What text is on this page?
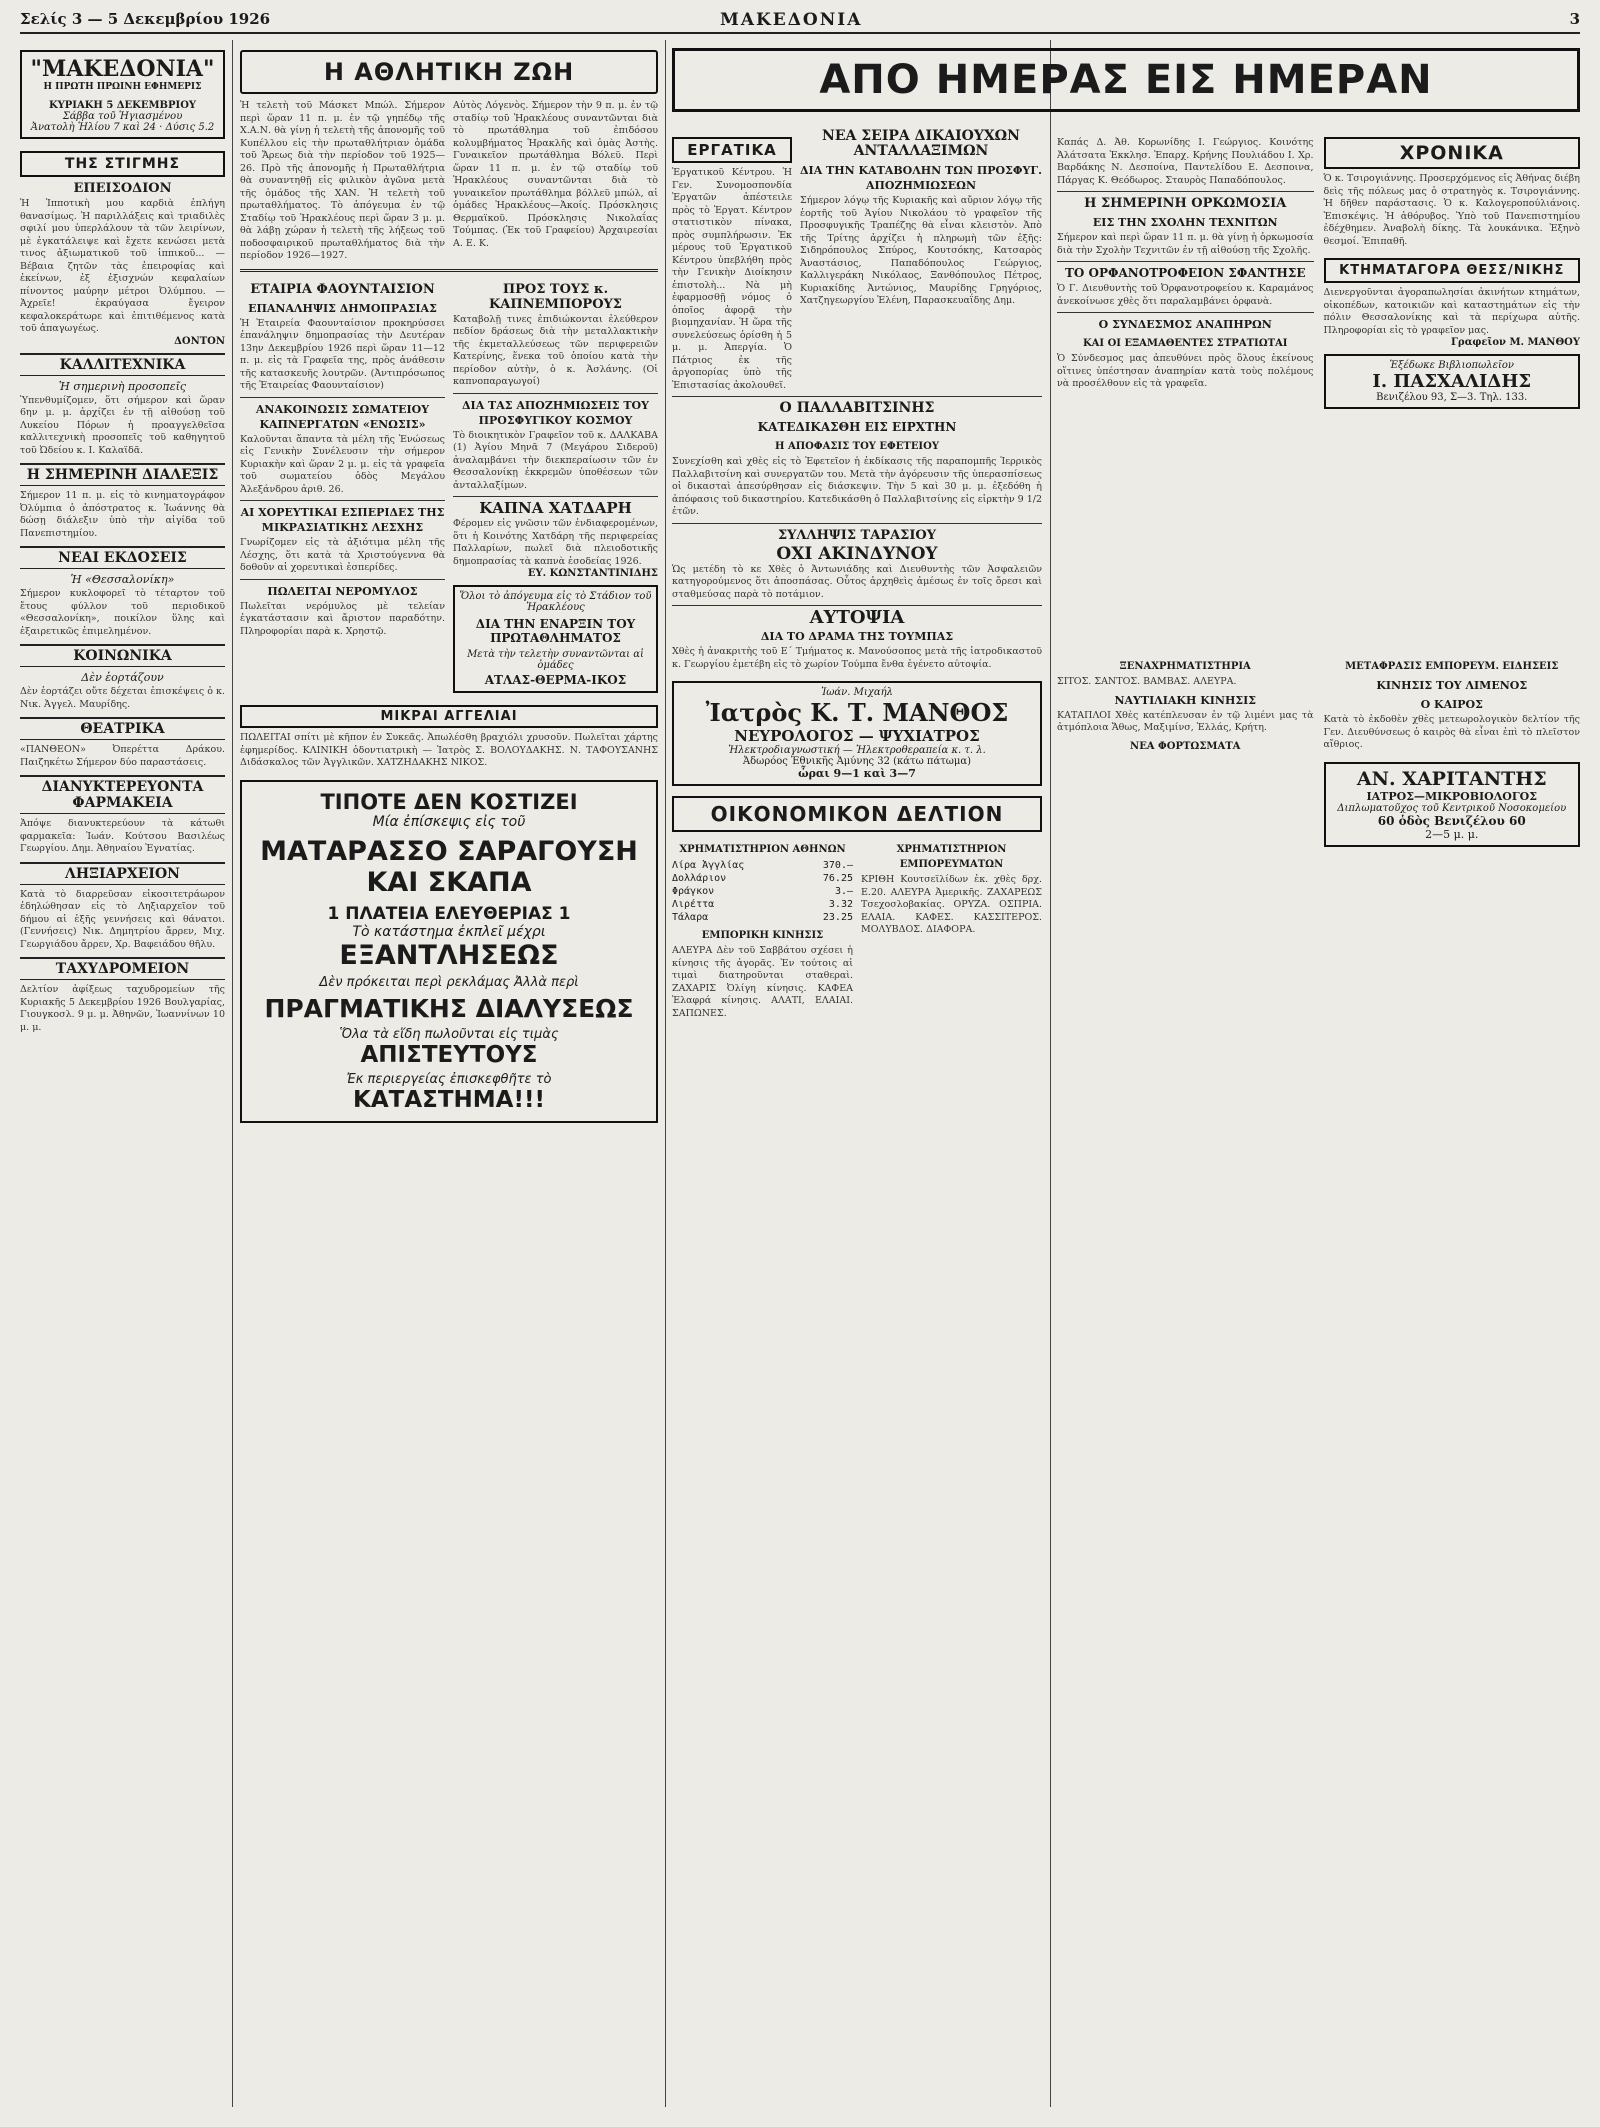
Σελίς 3 — 5 Δεκεμβρίου 1926	ΜΑΚΕΔΟΝΙΑ	3
"ΜΑΚΕΔΟΝΙΑ"
Η ΠΡΩΤΗ ΠΡΩΙΝΗ ΕΦΗΜΕΡΙΣ
ΚΥΡΙΑΚΗ 5 ΔΕΚΕΜΒΡΙΟΥ
Σάββα τοῦ Ἡγιασμένου
Ἀνατολὴ Ἡλίου 7 καὶ 24 · Δύσις 5.2
ΤΗΣ ΣΤΙΓΜΗΣ
ΕΠΕΙΣΟΔΙΟΝ
Ἡ Ἰπποτικὴ μου καρδιὰ ἐπλήγη θανασίμως. Ἡ παριλλάξεις καὶ τριαδιλὲς σφιλί μου ὑπερλάλουν τὰ τῶν λειρίνων, μὲ ἐγκατάλειψε καὶ ἔχετε κενώσει μετὰ τινος ἀξιωματικοῦ τοῦ ἱππικοῦ... — Βέβαια ζητῶν τὰς ἐπειροφίας καὶ ἐκείνων, ἐξ ἐξισχνών κεφαλαίων πίνοντος μαύρην μέτροι Ὀλύμπου. — Ἀχρεῖε! ἐκραύγασα ἔγειρον κεφαλοκεράτωρε καὶ ἐπιτιθέμενος κατὰ τοῦ ἀπαγωγέως.
ΔΟΝΤΟΝ
ΚΑΛΛΙΤΕΧΝΙΚΑ
Ἡ σημερινὴ προσοπεῖς
Ὑπενθυμίζομεν, ὅτι σήμερον καὶ ὥραν 6ην μ. μ. ἀρχίζει ἐν τῇ αἰθούσῃ τοῦ Λυκείου Πόρων ἡ προαγγελθεῖσα καλλιτεχνικὴ προσοπεῖς τοῦ καθηγητοῦ τοῦ Ὠδείου κ. Ι. Καλαϊδᾶ.
Η ΣΗΜΕΡΙΝΗ ΔΙΑΛΕΞΙΣ
Σήμερον 11 π. μ. εἰς τὸ κινηματογράφον Ὀλύμπια ὁ ἀπόστρατος κ. Ἰωάννης θὰ δώσῃ διάλεξιν ὑπὸ τὴν αἰγίδα τοῦ Πανεπιστημίου.
ΝΕΑΙ ΕΚΔΟΣΕΙΣ
Ἡ «Θεσσαλονίκη»
Σήμερον κυκλοφορεῖ τὸ τέταρτον τοῦ ἔτους φύλλον τοῦ περιοδικοῦ «Θεσσαλονίκη», ποικίλον ὕλης καὶ ἐξαιρετικῶς ἐπιμελημένον.
ΚΟΙΝΩΝΙΚΑ
Δὲν ἑορτάζουν
Δὲν ἑορτάζει οὔτε δέχεται ἐπισκέψεις ὁ κ. Νικ. Ἀγγελ. Μαυρίδης.
ΘΕΑΤΡΙΚΑ
«ΠΑΝΘΕΟΝ» Ὀπερέττα Δράκου. Παιζηκέτω Σήμερον δύο παραστάσεις.
ΔΙΑΝΥΚΤΕΡΕΥΟΝΤΑ ΦΑΡΜΑΚΕΙΑ
Ἀπόψε διανυκτερεύουν τὰ κάτωθι φαρμακεῖα: Ἰωάν. Κούτσου Βασιλέως Γεωργίου. Δημ. Ἀθηναίου Ἐγνατίας.
ΛΗΞΙΑΡΧΕΙΟΝ
Κατὰ τὸ διαρρεῦσαν εἰκοσιτετράωρον ἐδηλώθησαν εἰς τὸ Ληξιαρχεῖον τοῦ δήμου αἱ ἑξῆς γεννήσεις καὶ θάνατοι. (Γεννήσεις) Νικ. Δημητρίου ἄρρεν, Μιχ. Γεωργιάδου ἄρρεν, Χρ. Βαφειάδου θῆλυ.
ΤΑΧΥΔΡΟΜΕΙΟΝ
Δελτίον ἀφίξεως ταχυδρομείων τῆς Κυριακῆς 5 Δεκεμβρίου 1926 Βουλγαρίας, Γιουγκοσλ. 9 μ. μ. Ἀθηνῶν, Ἰωαννίνων 10 μ. μ.
Η ΑΘΛΗΤΙΚΗ ΖΩΗ
Ἡ τελετὴ τοῦ Μάσκετ Μπώλ. Σήμερον περὶ ὥραν 11 π. μ. ἐν τῷ γηπέδῳ τῆς Χ.Α.Ν. θὰ γίνῃ ἡ τελετὴ τῆς ἀπονομῆς τοῦ Κυπέλλου εἰς τὴν πρωταθλήτριαν ὁμάδα τοῦ Ἄρεως διὰ τὴν περίοδον τοῦ 1925—26. Πρὸ τῆς ἀπονομῆς ἡ Πρωταθλήτρια θὰ συναντηθῇ εἰς φιλικὸν ἀγῶνα μετὰ τῆς ὁμάδος τῆς ΧΑΝ. Ἡ τελετὴ τοῦ πρωταθλήματος. Τὸ ἀπόγευμα ἐν τῷ Σταδίῳ τοῦ Ἡρακλέους περὶ ὥραν 3 μ. μ. θὰ λάβῃ χώραν ἡ τελετὴ τῆς λήξεως τοῦ ποδοσφαιρικοῦ πρωταθλήματος διὰ τὴν περίοδον 1926—1927.
Αὐτὸς Λόγενὸς. Σήμερον τὴν 9 π. μ. ἐν τῷ σταδίῳ τοῦ Ἡρακλέους συναντῶνται διὰ τὸ πρωτάθλημα τοῦ ἐπιδόσου κολυμβήματος Ἡρακλῆς καὶ ὁμὰς Ἀστὴς. Γυναικεῖον πρωτάθλημα Βόλεϋ. Περὶ ὥραν 11 π. μ. ἐν τῷ σταδίῳ τοῦ Ἡρακλέους συναντῶνται διὰ τὸ γυναικεῖον πρωτάθλημα βόλλεϋ μπώλ, αἱ ὁμάδες Ἡρακλέους—Ἀκοίς. Πρόσκλησις Θερμαϊκοῦ. Πρόσκλησις Νικολαΐας Τούμπας. (Ἐκ τοῦ Γραφείου) Ἀρχαιρεσίαι Α. Ε. Κ.
ΕΤΑΙΡΙΑ ΦΑΟΥΝΤΑΙΣΙΟΝ
ΕΠΑΝΑΛΗΨΙΣ ΔΗΜΟΠΡΑΣΙΑΣ
Ἡ Ἑταιρεία Φαουνταίσιον προκηρύσσει ἐπανάληψιν δημοπρασίας τὴν Δευτέραν 13ην Δεκεμβρίου 1926 περὶ ὥραν 11—12 π. μ. εἰς τὰ Γραφεῖα της, πρὸς ἀνάθεσιν τῆς κατασκευῆς λουτρῶν. (Ἀντιπρόσωπος τῆς Ἑταιρείας Φαουνταίσιον)
ΑΝΑΚΟΙΝΩΣΙΣ ΣΩΜΑΤΕΙΟΥ ΚΑΠΝΕΡΓΑΤΩΝ «ΕΝΩΣΙΣ»
Καλοῦνται ἅπαντα τὰ μέλη τῆς Ἐνώσεως εἰς Γενικὴν Συνέλευσιν τὴν σήμερον Κυριακὴν καὶ ὥραν 2 μ. μ. εἰς τὰ γραφεῖα τοῦ σωματείου ὁδὸς Μεγάλου Ἀλεξάνδρου ἀριθ. 26.
ΑΙ ΧΟΡΕΥΤΙΚΑΙ ΕΣΠΕΡΙΔΕΣ ΤΗΣ ΜΙΚΡΑΣΙΑΤΙΚΗΣ ΛΕΣΧΗΣ
Γνωρίζομεν εἰς τὰ ἀξιότιμα μέλη τῆς Λέσχης, ὅτι κατὰ τὰ Χριστούγεννα θὰ δοθοῦν αἱ χορευτικαὶ ἑσπερίδες.
ΠΩΛΕΙΤΑΙ ΝΕΡΟΜΥΛΟΣ
Πωλεῖται νερόμυλος μὲ τελείαν ἐγκατάστασιν καὶ ἄριστον παραδότην. Πληροφορίαι παρὰ κ. Χρηστῷ.
ΠΡΟΣ ΤΟΥΣ κ. ΚΑΠΝΕΜΠΟΡΟΥΣ
Καταβολῇ τινες ἐπιδιώκονται ἐλεύθερον πεδίον δράσεως διὰ τὴν μεταλλακτικὴν τῆς ἐκμεταλλεύσεως τῶν περιφερειῶν Κατερίνης, ἕνεκα τοῦ ὁποίου κατὰ τὴν περίοδον αὐτὴν, ὁ κ. Ἀσλάνης. (Οἱ καπνοπαραγωγοί)
ΔΙΑ ΤΑΣ ΑΠΟΖΗΜΙΩΣΕΙΣ ΤΟΥ ΠΡΟΣΦΥΓΙΚΟΥ ΚΟΣΜΟΥ
Τὸ διοικητικὸν Γραφεῖον τοῦ κ. ΔΑΛΚΑΒΑ (1) Ἀγίου Μηνᾶ 7 (Μεγάρου Σιδεροῦ) ἀναλαμβάνει τὴν διεκπεραίωσιν τῶν ἐν Θεσσαλονίκῃ ἐκκρεμῶν ὑποθέσεων τῶν ἀνταλλαξίμων.
ΚΑΠΝΑ ΧΑΤΔΑΡΗ
Φέρομεν εἰς γνῶσιν τῶν ἐνδιαφερομένων, ὅτι ἡ Κοινότης Χατδάρη τῆς περιφερείας Παλλαρίων, πωλεῖ διὰ πλειοδοτικῆς δημοπρασίας τὰ καπνὰ ἐσοδείας 1926.
ΕΥ. ΚΩΝΣΤΑΝΤΙΝΙΔΗΣ
Ὅλοι τὸ ἀπόγευμα εἰς τὸ Στάδιον τοῦ Ἡρακλέους
ΔΙΑ ΤΗΝ ΕΝΑΡΞΙΝ ΤΟΥ ΠΡΩΤΑΘΛΗΜΑΤΟΣ
Μετὰ τὴν τελετὴν συναντῶνται αἱ ὁμάδες
ΑΤΛΑΣ-ΘΕΡΜΑ-ΙΚΟΣ
ΜΙΚΡΑΙ ΑΓΓΕΛΙΑΙ
ΠΩΛΕΙΤΑΙ σπίτι μὲ κῆπον ἐν Συκεᾶς. Ἀπωλέσθη βραχιόλι χρυσοῦν. Πωλεῖται χάρτης ἐφημερίδος. ΚΛΙΝΙΚΗ ὀδοντιατρικὴ — Ἰατρὸς Σ. ΒΟΛΟΥΔΑΚΗΣ. Ν. ΤΑΦΟΥΣΑΝΗΣ Διδάσκαλος τῶν Ἀγγλικῶν. ΧΑΤΖΗΔΑΚΗΣ ΝΙΚΟΣ.
ΤΙΠΟΤΕ ΔΕΝ ΚΟΣΤΙΖΕΙ
Μία ἐπίσκεψις εἰς τοῦ
ΜΑΤΑΡΑΣΣΟ ΣΑΡΑΓΟΥΣΗ
ΚΑΙ ΣΚΑΠΑ
1 ΠΛΑΤΕΙΑ ΕΛΕΥΘΕΡΙΑΣ 1
Τὸ κατάστημα ἐκπλεῖ μέχρι
ΕΞΑΝΤΛΗΣΕΩΣ
Δὲν πρόκειται περὶ ρεκλάμας Ἀλλὰ περὶ
ΠΡΑΓΜΑΤΙΚΗΣ ΔΙΑΛΥΣΕΩΣ
Ὅλα τὰ εἴδη πωλοῦνται εἰς τιμὰς
ΑΠΙΣΤΕΥΤΟΥΣ
Ἐκ περιεργείας ἐπισκεφθῆτε τὸ
ΚΑΤΑΣΤΗΜΑ!!!
ΑΠΟ ΗΜΕΡΑΣ ΕΙΣ ΗΜΕΡΑΝ
ΕΡΓΑΤΙΚΑ
Ἐργατικοῦ Κέντρου. Ἡ Γεν. Συνομοσπονδία Ἐργατῶν ἀπέστειλε πρὸς τὸ Ἐργατ. Κέντρον στατιστικὸν πίνακα, πρὸς συμπλήρωσιν. Ἐκ μέρους τοῦ Ἐργατικοῦ Κέντρου ὑπεβλήθη πρὸς τὴν Γενικὴν Διοίκησιν ἐπιστολὴ... Νὰ μὴ ἐφαρμοσθῇ νόμος ὁ ὁποῖος ἀφορᾷ τὴν βιομηχανίαν. Ἡ ὥρα τῆς συνελεύσεως ὁρίσθη ἡ 5 μ. μ. Ἀπεργία. Ὁ Πάτριος ἐκ τῆς ἀργοπορίας ὑπὸ τῆς Ἐπιστασίας ἀκολουθεῖ.
ΝΕΑ ΣΕΙΡΑ ΔΙΚΑΙΟΥΧΩΝ ΑΝΤΑΛΛΑΞΙΜΩΝ
ΔΙΑ ΤΗΝ ΚΑΤΑΒΟΛΗΝ ΤΩΝ ΠΡΟΣΦΥΓ. ΑΠΟΖΗΜΙΩΣΕΩΝ
Σήμερον λόγῳ τῆς Κυριακῆς καὶ αὔριον λόγῳ τῆς ἑορτῆς τοῦ Ἁγίου Νικολάου τὸ γραφεῖον τῆς Προσφυγικῆς Τραπέζης θὰ εἶναι κλειστὸν. Ἀπὸ τῆς Τρίτης ἀρχίζει ἡ πληρωμὴ τῶν ἑξῆς: Σιδηρόπουλος Σπύρος, Κουτσόκης, Κατσαρὸς Ἀναστάσιος, Παπαδόπουλος Γεώργιος, Καλλιγεράκη Νικόλαος, Ξανθόπουλος Πέτρος, Κυριακίδης Ἀντώνιος, Μαυρίδης Γρηγόριος, Χατζηγεωργίου Ἐλένη, Παρασκευαΐδης Δημ.
Ο ΠΑΛΛΑΒΙΤΣΙΝΗΣ
ΚΑΤΕΔΙΚΑΣΘΗ ΕΙΣ ΕΙΡΧΤΗΝ
Η ΑΠΟΦΑΣΙΣ ΤΟΥ ΕΦΕΤΕΙΟΥ
Συνεχίσθη καὶ χθὲς εἰς τὸ Ἐφετεῖον ἡ ἐκδίκασις τῆς παραπομπῆς Ἱερρικὸς Παλλαβιτσίνη καὶ συνεργατῶν του. Μετὰ τὴν ἀγόρευσιν τῆς ὑπερασπίσεως οἱ δικασταὶ ἀπεσύρθησαν εἰς διάσκεψιν. Τὴν 5 καὶ 30 μ. μ. ἐξεδόθη ἡ ἀπόφασις τοῦ δικαστηρίου. Κατεδικάσθη ὁ Παλλαβιτσίνης εἰς εἱρκτὴν 9 1/2 ἐτῶν.
ΣΥΛΛΗΨΙΣ ΤΑΡΑΣΙΟΥ
ΟΧΙ ΑΚΙΝΔΥΝΟΥ
Ὡς μετέδη τὸ κε Χθὲς ὁ Ἀντωνιάδης καὶ Διευθυντὴς τῶν Ἀσφαλειῶν κατηγορούμενος ὅτι ἀποσπάσας. Οὗτος ἀρχηθεὶς ἀμέσως ἐν τοῖς ὄρεσι καὶ σταθμεύσας παρὰ τὸ ποτάμιον.
ΑΥΤΟΨΙΑ
ΔΙΑ ΤΟ ΔΡΑΜΑ ΤΗΣ ΤΟΥΜΠΑΣ
Χθὲς ἡ ἀνακριτὴς τοῦ Ε΄ Τμήματος κ. Μανούσοπος μετὰ τῆς ἰατροδικαστοῦ κ. Γεωργίου ἐμετέβη εἰς τὸ χωρίον Τούμπα ἔνθα ἐγένετο αὐτοψία.
Ἰωάν. Μιχαήλ
Ἰατρὸς Κ. Τ. ΜΑΝΘΟΣ
ΝΕΥΡΟΛΟΓΟΣ — ΨΥΧΙΑΤΡΟΣ
Ἠλεκτροδιαγνωστική — Ἠλεκτροθεραπεία κ. τ. λ.
Ἀδωρόος Ἐθνικῆς Ἀμύνης 32 (κάτω πάτωμα)
ὧραι 9—1 καὶ 3—7
ΟΙΚΟΝΟΜΙΚΟΝ ΔΕΛΤΙΟΝ
ΧΡΗΜΑΤΙΣΤΗΡΙΟΝ ΑΘΗΝΩΝ
Λίρα Ἀγγλίας	370.—
Δολλάριον	76.25
Φράγκον	3.—
Λιρέττα	3.32
Τάλαρα	23.25
ΕΜΠΟΡΙΚΗ ΚΙΝΗΣΙΣ
ΑΛΕΥΡΑ Δὲν τοῦ Σαββάτου σχέσει ἡ κίνησις τῆς ἀγορᾶς. Ἐν τούτοις αἱ τιμαὶ διατηροῦνται σταθεραὶ. ΖΑΧΑΡΙΣ Ὀλίγη κίνησις. ΚΑΦΕΑ Ἐλαφρά κίνησις. ΑΛΑΤΙ, ΕΛΑΙΑΙ. ΣΑΠΩΝΕΣ.
ΧΡΗΜΑΤΙΣΤΗΡΙΟΝ ΕΜΠΟΡΕΥΜΑΤΩΝ
ΚΡΙΘΗ Κουτσεϊλίδων ἐκ. χθὲς δρχ. Ε.20. ΑΛΕΥΡΑ Ἀμερικῆς. ΖΑΧΑΡΕΩΣ Τσεχοσλοβακίας. ΟΡΥΖΑ. ΟΣΠΡΙΑ. ΕΛΑΙΑ. ΚΑΦΕΣ. ΚΑΣΣΙΤΕΡΟΣ. ΜΟΛΥΒΔΟΣ. ΔΙΑΦΟΡΑ.
Καπάς Δ. Ἀθ. Κορωνίδης Ι. Γεώργιος. Κοινότης Ἀλάτσατα Ἐκκλησ. Ἐπαρχ. Κρήνης Πουλιάδου Ι. Χρ. Βαρδάκης Ν. Δεσποίνα, Παντελίδου Ε. Δεσποινα, Πάργας Κ. Θεόδωρος. Σταυρὸς Παπαδόπουλος.
Η ΣΗΜΕΡΙΝΗ ΟΡΚΩΜΟΣΙΑ
ΕΙΣ ΤΗΝ ΣΧΟΛΗΝ ΤΕΧΝΙΤΩΝ
Σήμερον καὶ περὶ ὥραν 11 π. μ. θὰ γίνῃ ἡ ὁρκωμοσία διὰ τὴν Σχολὴν Τεχνιτῶν ἐν τῇ αἰθούσῃ τῆς Σχολῆς.
ΤΟ ΟΡΦΑΝΟΤΡΟΦΕΙΟΝ ΣΦΑΝΤΗΣΕ
Ὁ Γ. Διευθυντὴς τοῦ Ὀρφανοτροφείου κ. Καραμάνος ἀνεκοίνωσε χθὲς ὅτι παραλαμβάνει ὁρφανὰ.
Ο ΣΥΝΔΕΣΜΟΣ ΑΝΑΠΗΡΩΝ
ΚΑΙ ΟΙ ΕΞΑΜΑΘΕΝΤΕΣ ΣΤΡΑΤΙΩΤΑΙ
Ὁ Σύνδεσμος μας ἀπευθύνει πρὸς ὅλους ἐκείνους οἵτινες ὑπέστησαν ἀναπηρίαν κατὰ τοὺς πολέμους νὰ προσέλθουν εἰς τὰ γραφεῖα.
ΧΡΟΝΙΚΑ
Ὁ κ. Τσιρογιάννης. Προσερχόμενος εἰς Ἀθήνας διέβη δεὶς τῆς πόλεως μας ὁ στρατηγὸς κ. Τσιρογιάννης. Ἡ δῆθεν παράστασις. Ὁ κ. Καλογεροπούλιάνοις. Ἐπισκέψις. Ἡ ἀθόρυβος. Ὑπὸ τοῦ Πανεπιστημίου ἐδέχθημεν. Ἀναβολὴ δίκης. Τὰ λουκάνικα. Ἐξηνὸ θεσμοί. Ἐπιπαθῆ.
ΚΤΗΜΑΤΑΓΟΡΑ ΘΕΣΣ/ΝΙΚΗΣ
Διενεργοῦνται ἀγοραπωλησίαι ἀκινήτων κτημάτων, οἰκοπέδων, κατοικιῶν καὶ καταστημάτων εἰς τὴν πόλιν Θεσσαλονίκης καὶ τὰ περίχωρα αὐτῆς. Πληροφορίαι εἰς τὸ γραφεῖον μας.
Γραφεῖον Μ. ΜΑΝΘΟΥ
Ἐξέδωκε Βιβλιοπωλεῖον
Ι. ΠΑΣΧΑΛΙΔΗΣ
Βενιζέλου 93, Σ—3. Τηλ. 133.
ΞΕΝΑΧΡΗΜΑΤΙΣΤΗΡΙΑ
ΣΙΤΟΣ. ΣΑΝΤΟΣ. ΒΑΜΒΑΣ. ΑΛΕΥΡΑ.
ΝΑΥΤΙΛΙΑΚΗ ΚΙΝΗΣΙΣ
ΚΑΤΑΠΛΟΙ Χθὲς κατέπλευσαν ἐν τῷ λιμένι μας τὰ ἀτμόπλοια Ἄθως, Μαξιμίνσ, Ἑλλάς, Κρήτη.
ΝΕΑ ΦΟΡΤΩΣΜΑΤΑ
ΜΕΤΑΦΡΑΣΙΣ ΕΜΠΟΡΕΥΜ. ΕΙΔΗΣΕΙΣ
ΚΙΝΗΣΙΣ ΤΟΥ ΛΙΜΕΝΟΣ
Ο ΚΑΙΡΟΣ
Κατὰ τὸ ἐκδοθὲν χθὲς μετεωρολογικὸν δελτίον τῆς Γεν. Διευθύνσεως ὁ καιρὸς θὰ εἶναι ἐπὶ τὸ πλεῖστον αἴθριος.
ΑΝ. ΧΑΡΙΤΑΝΤΗΣ
ΙΑΤΡΟΣ—ΜΙΚΡΟΒΙΟΛΟΓΟΣ
Διπλωματοῦχος τοῦ Κεντρικοῦ Νοσοκομείου
60 ὁδὸς Βενιζέλου 60
2—5 μ. μ.
